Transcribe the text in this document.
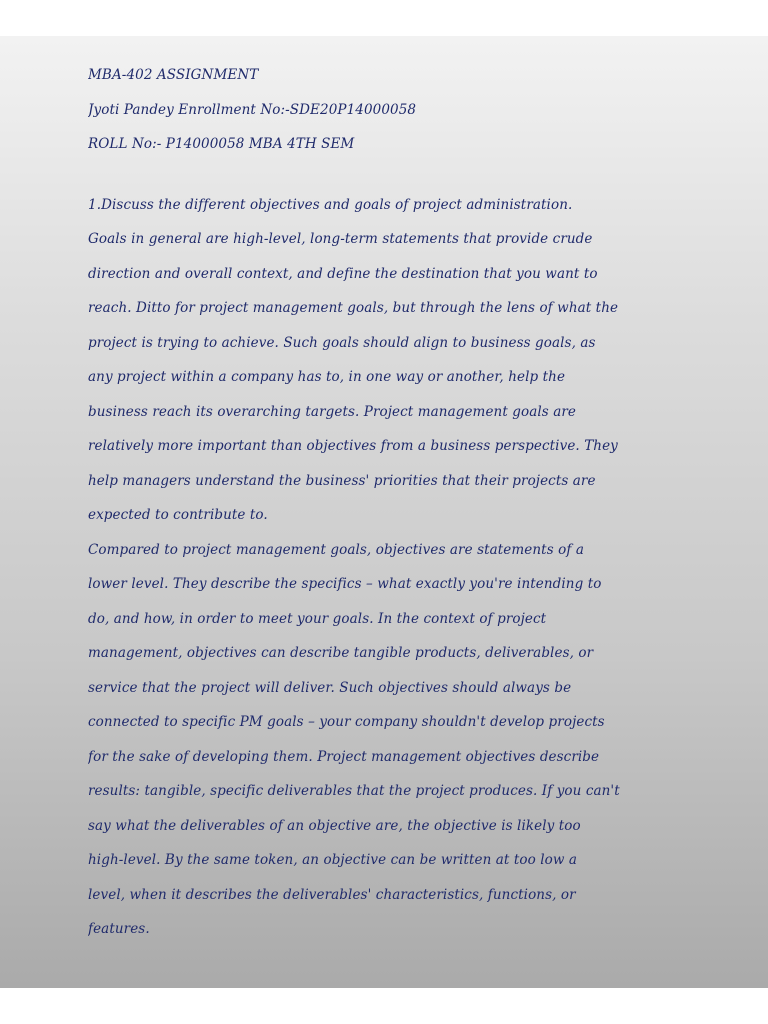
MBA-402 ASSIGNMENT
Jyoti Pandey Enrollment No:-SDE20P14000058
ROLL No:- P14000058 MBA 4TH SEM
1.Discuss the different objectives and goals of project administration.
Goals in general are high-level, long-term statements that provide crude
direction and overall context, and define the destination that you want to
reach. Ditto for project management goals, but through the lens of what the
project is trying to achieve. Such goals should align to business goals, as
any project within a company has to, in one way or another, help the
business reach its overarching targets. Project management goals are
relatively more important than objectives from a business perspective. They
help managers understand the business' priorities that their projects are
expected to contribute to.
Compared to project management goals, objectives are statements of a
lower level. They describe the specifics – what exactly you're intending to
do, and how, in order to meet your goals. In the context of project
management, objectives can describe tangible products, deliverables, or
service that the project will deliver. Such objectives should always be
connected to specific PM goals – your company shouldn't develop projects
for the sake of developing them. Project management objectives describe
results: tangible, specific deliverables that the project produces. If you can't
say what the deliverables of an objective are, the objective is likely too
high-level. By the same token, an objective can be written at too low a
level, when it describes the deliverables' characteristics, functions, or
features.
